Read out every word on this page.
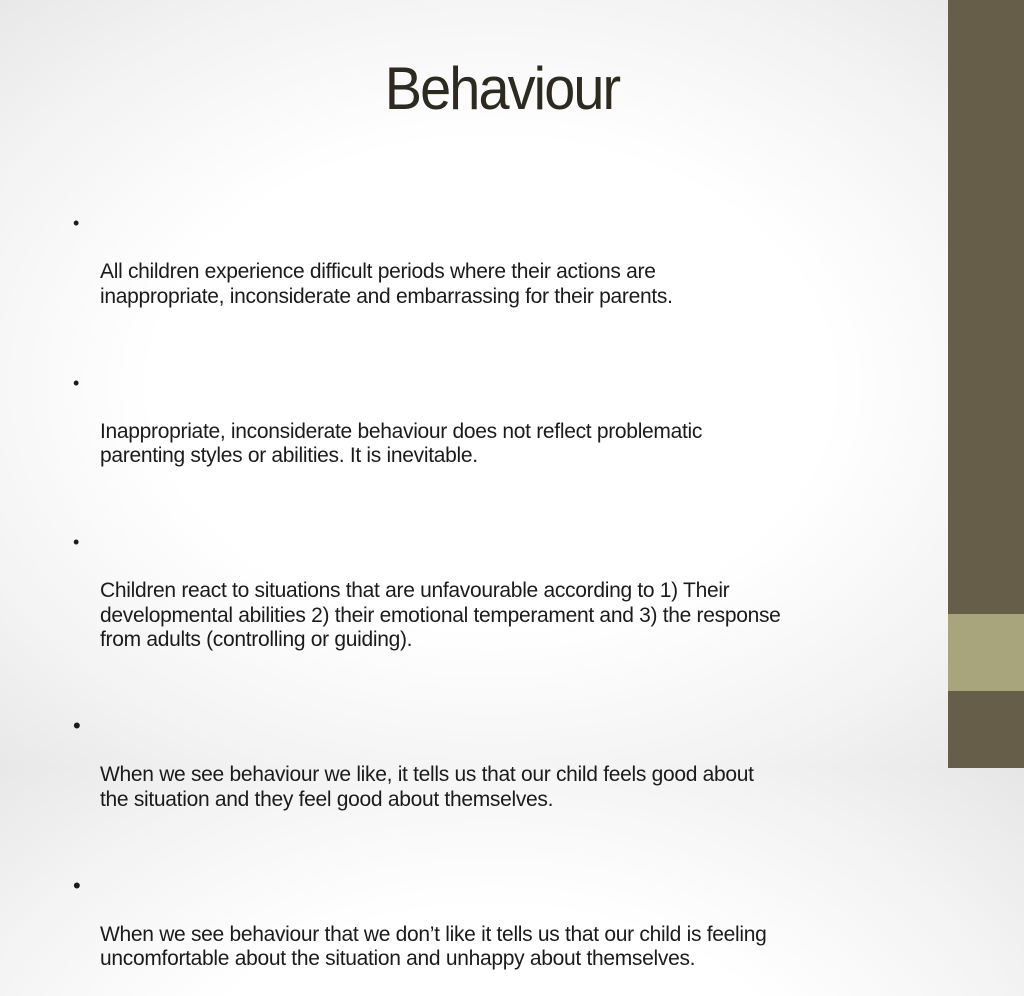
Behaviour

•

All children experience difficult periods where their actions are
inappropriate, inconsiderate and embarrassing for their parents.

•

Inappropriate, inconsiderate behaviour does not reflect problematic
parenting styles or abilities. It is inevitable.

•

Children react to situations that are unfavourable according to 1) Their
developmental abilities 2) their emotional temperament and 3) the response
from adults (controlling or guiding).

•

When we see behaviour we like, it tells us that our child feels good about
the situation and they feel good about themselves.

•

When we see behaviour that we don’t like it tells us that our child is feeling
uncomfortable about the situation and unhappy about themselves.
